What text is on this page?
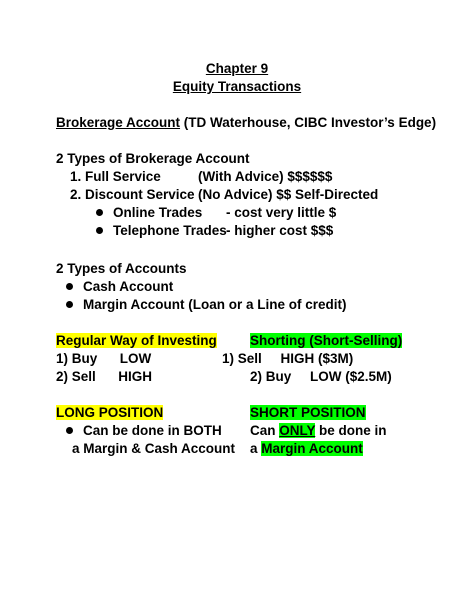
Chapter 9
Equity Transactions
Brokerage Account (TD Waterhouse, CIBC Investor’s Edge)
2 Types of Brokerage Account
1. Full Service	(With Advice) $$$$$$
2. Discount Service (No Advice) $$ Self-Directed
Online Trades - cost very little $
Telephone Trades - higher cost $$$
2 Types of Accounts
Cash Account
Margin Account (Loan or a Line of credit)
Regular Way of Investing
1) Buy      LOW
2) Sell      HIGH
Shorting (Short-Selling)
1) Sell     HIGH ($3M)
2) Buy     LOW ($2.5M)
LONG POSITION
Can be done in BOTH
a Margin & Cash Account
SHORT POSITION
Can ONLY be done in
a Margin Account
